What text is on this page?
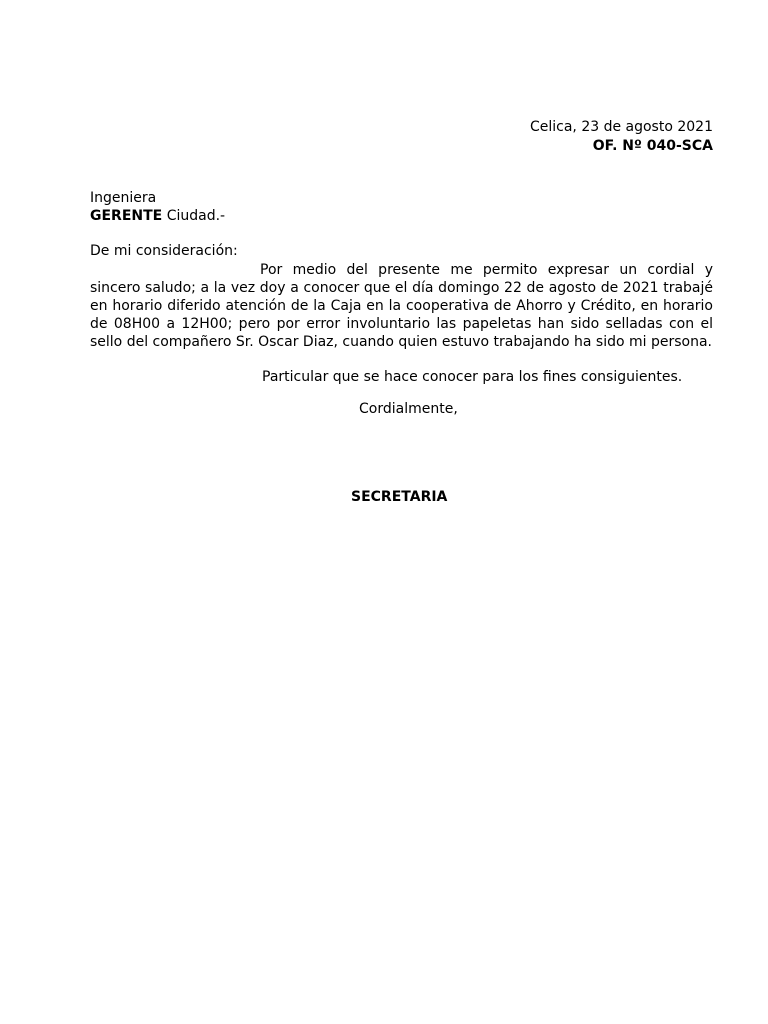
Celica, 23 de agosto 2021
OF. Nº 040-SCA
Ingeniera
GERENTE Ciudad.-
De mi consideración:
Por medio del presente me permito expresar un cordial y sincero saludo; a la vez doy a conocer que el día domingo 22 de agosto de 2021 trabajé en horario diferido atención de la Caja en la cooperativa de Ahorro y Crédito, en horario de 08H00 a 12H00; pero por error involuntario las papeletas han sido selladas con el sello del compañero Sr. Oscar Diaz, cuando quien estuvo trabajando ha sido mi persona.
Particular que se hace conocer para los fines consiguientes.
Cordialmente,
SECRETARIA
